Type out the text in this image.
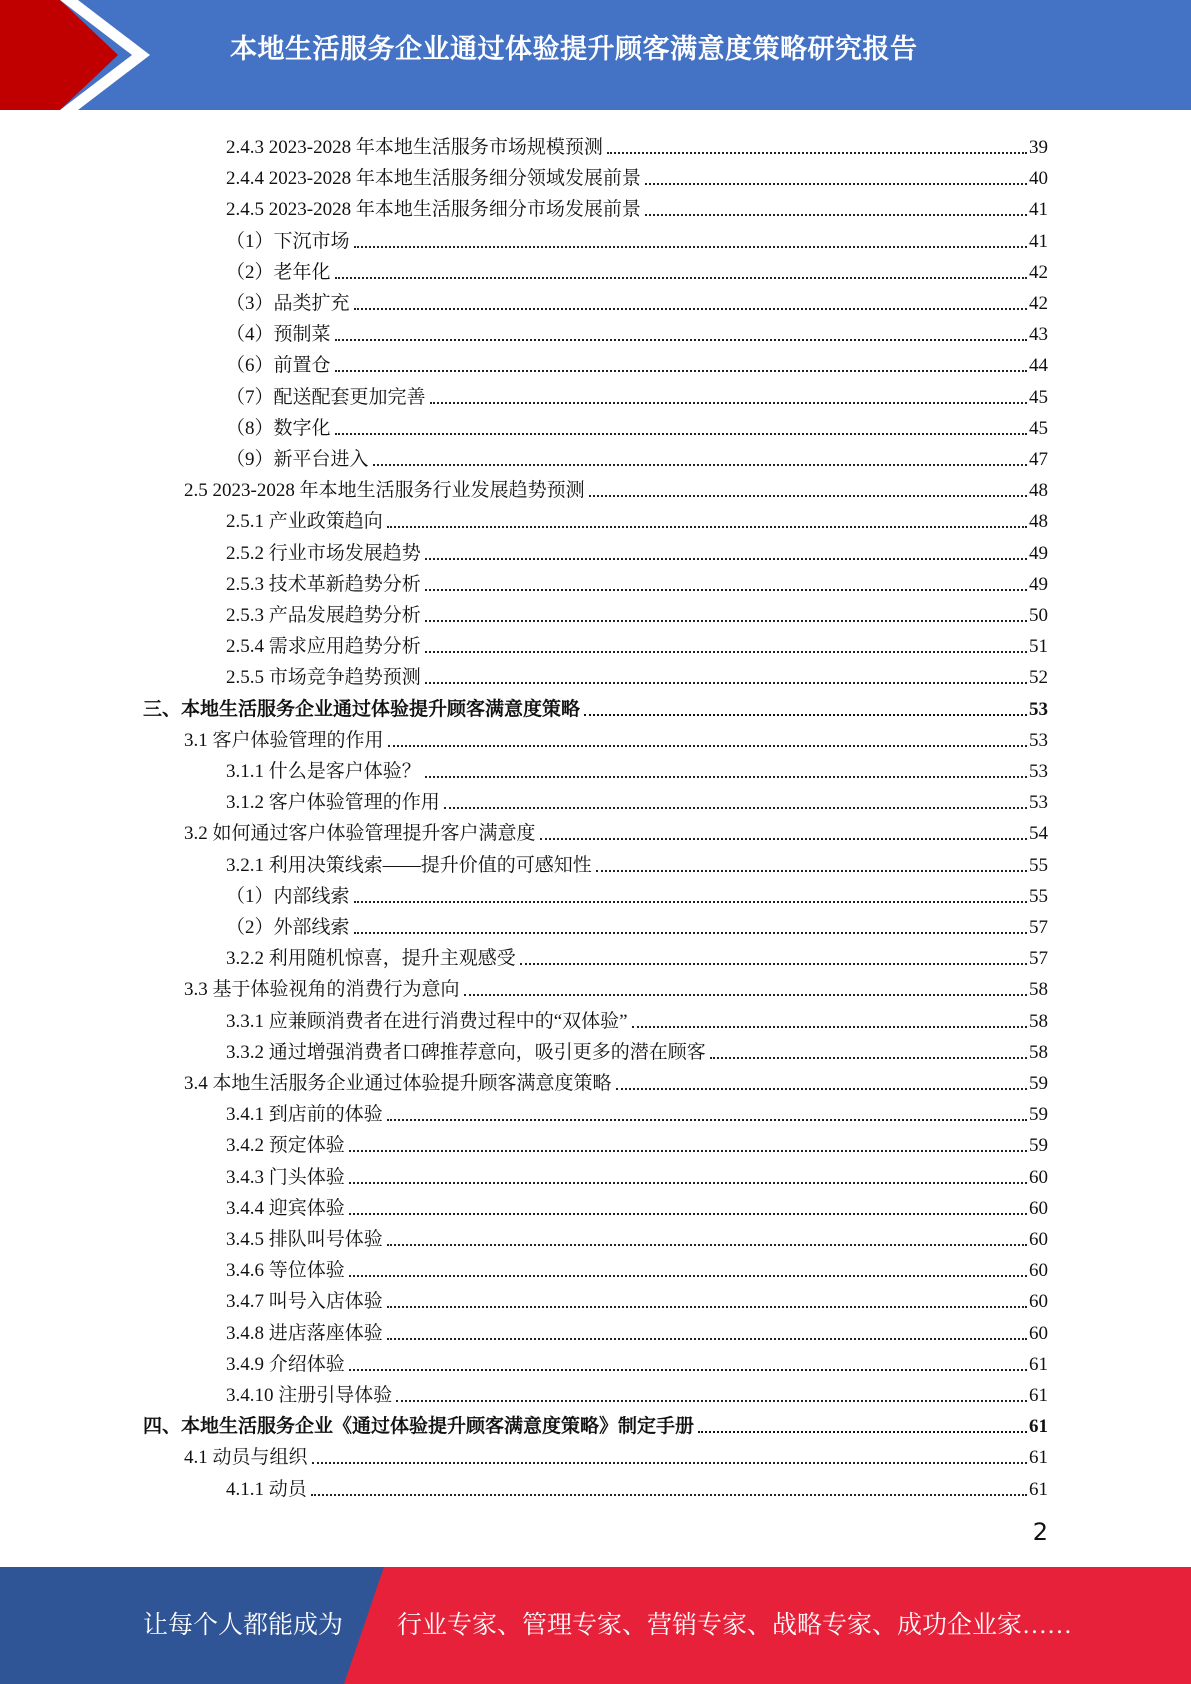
本地生活服务企业通过体验提升顾客满意度策略研究报告
2.4.3 2023-2028 年本地生活服务市场规模预测	39
2.4.4 2023-2028 年本地生活服务细分领域发展前景	40
2.4.5 2023-2028 年本地生活服务细分市场发展前景	41
（1）下沉市场	41
（2）老年化	42
（3）品类扩充	42
（4）预制菜	43
（6）前置仓	44
（7）配送配套更加完善	45
（8）数字化	45
（9）新平台进入	47
2.5 2023-2028 年本地生活服务行业发展趋势预测	48
2.5.1 产业政策趋向	48
2.5.2 行业市场发展趋势	49
2.5.3 技术革新趋势分析	49
2.5.3 产品发展趋势分析	50
2.5.4 需求应用趋势分析	51
2.5.5 市场竞争趋势预测	52
三、本地生活服务企业通过体验提升顾客满意度策略	53
3.1 客户体验管理的作用	53
3.1.1 什么是客户体验？	53
3.1.2 客户体验管理的作用	53
3.2 如何通过客户体验管理提升客户满意度	54
3.2.1 利用决策线索——提升价值的可感知性	55
（1）内部线索	55
（2）外部线索	57
3.2.2 利用随机惊喜，提升主观感受	57
3.3 基于体验视角的消费行为意向	58
3.3.1 应兼顾消费者在进行消费过程中的“双体验”	58
3.3.2 通过增强消费者口碑推荐意向，吸引更多的潜在顾客	58
3.4 本地生活服务企业通过体验提升顾客满意度策略	59
3.4.1 到店前的体验	59
3.4.2 预定体验	59
3.4.3 门头体验	60
3.4.4 迎宾体验	60
3.4.5 排队叫号体验	60
3.4.6 等位体验	60
3.4.7 叫号入店体验	60
3.4.8 进店落座体验	60
3.4.9 介绍体验	61
3.4.10 注册引导体验	61
四、本地生活服务企业《通过体验提升顾客满意度策略》制定手册	61
4.1 动员与组织	61
4.1.1 动员	61
2
让每个人都能成为 行业专家、管理专家、营销专家、战略专家、成功企业家……
